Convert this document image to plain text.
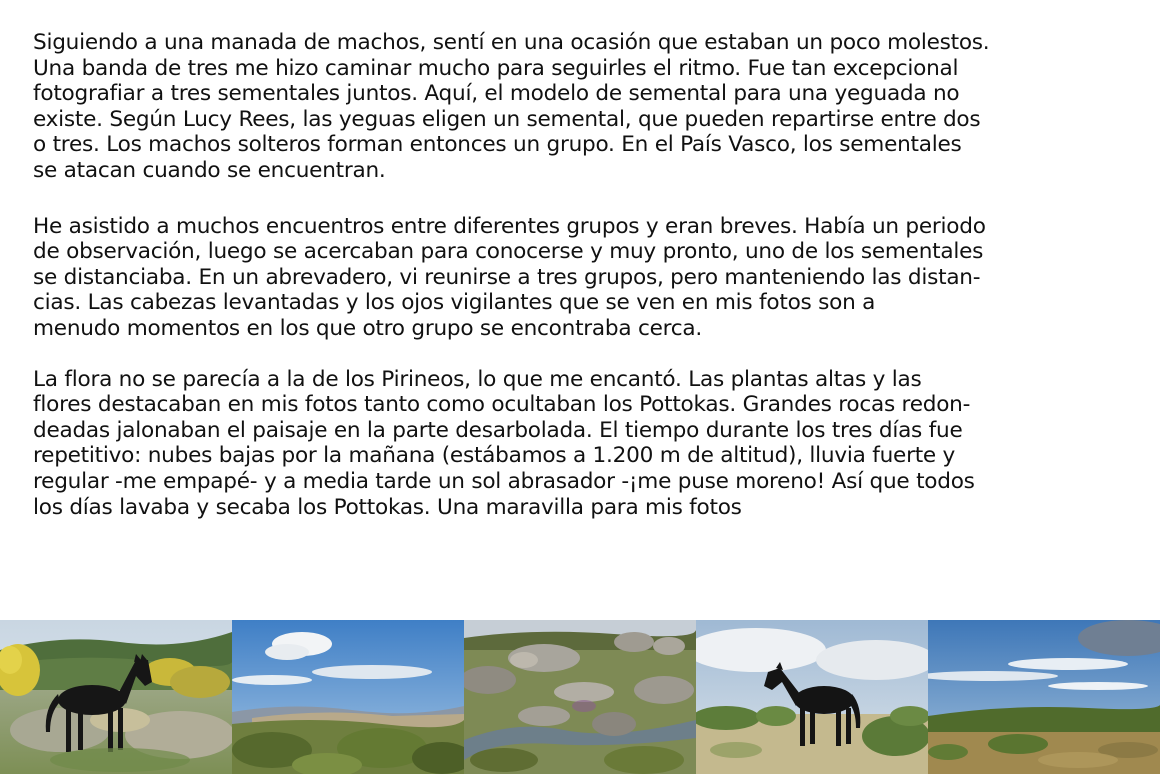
Siguiendo a una manada de machos, sentí en una ocasión que estaban un poco molestos.
Una banda de tres me hizo caminar mucho para seguirles el ritmo. Fue tan excepcional
fotografiar a tres sementales juntos. Aquí, el modelo de semental para una yeguada no
existe. Según Lucy Rees, las yeguas eligen un semental, que pueden repartirse entre dos
o tres. Los machos solteros forman entonces un grupo. En el País Vasco, los sementales
se atacan cuando se encuentran.

He asistido a muchos encuentros entre diferentes grupos y eran breves. Había un periodo
de observación, luego se acercaban para conocerse y muy pronto, uno de los sementales
se distanciaba. En un abrevadero, vi reunirse a tres grupos, pero manteniendo las distan-
cias. Las cabezas levantadas y los ojos vigilantes que se ven en mis fotos son a
menudo momentos en los que otro grupo se encontraba cerca.

La flora no se parecía a la de los Pirineos, lo que me encantó. Las plantas altas y las
flores destacaban en mis fotos tanto como ocultaban los Pottokas. Grandes rocas redon-
deadas jalonaban el paisaje en la parte desarbolada. El tiempo durante los tres días fue
repetitivo: nubes bajas por la mañana (estábamos a 1.200 m de altitud), lluvia fuerte y
regular -me empapé- y a media tarde un sol abrasador -¡me puse moreno! Así que todos
los días lavaba y secaba los Pottokas. Una maravilla para mis fotos
